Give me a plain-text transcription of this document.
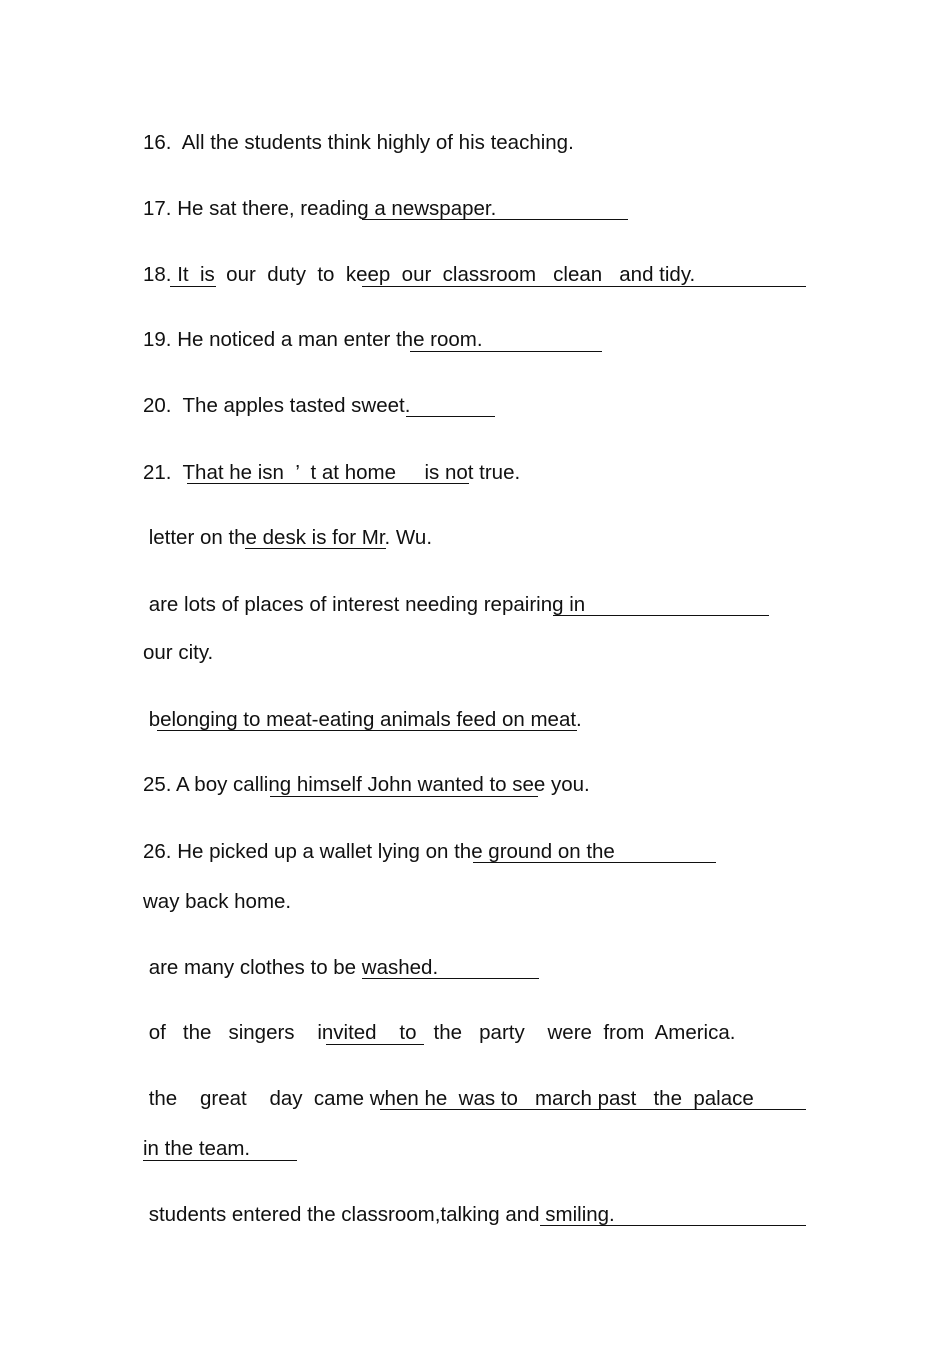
16.  All the students think highly of his teaching.
17. He sat there, reading a newspaper.
18. It  is  our  duty  to  keep  our  classroom   clean   and tidy.
19. He noticed a man enter the room.
20.  The apples tasted sweet.
21.  That he isn  ’  t at home     is not true.
letter on the desk is for Mr. Wu.
are lots of places of interest needing repairing in
our city.
belonging to meat-eating animals feed on meat.
25. A boy calling himself John wanted to see you.
26. He picked up a wallet lying on the ground on the
way back home.
are many clothes to be washed.
of   the   singers    invited    to   the   party    were  from  America.
the    great    day  came when he  was to   march past   the  palace
in the team.
students entered the classroom,talking and smiling.
